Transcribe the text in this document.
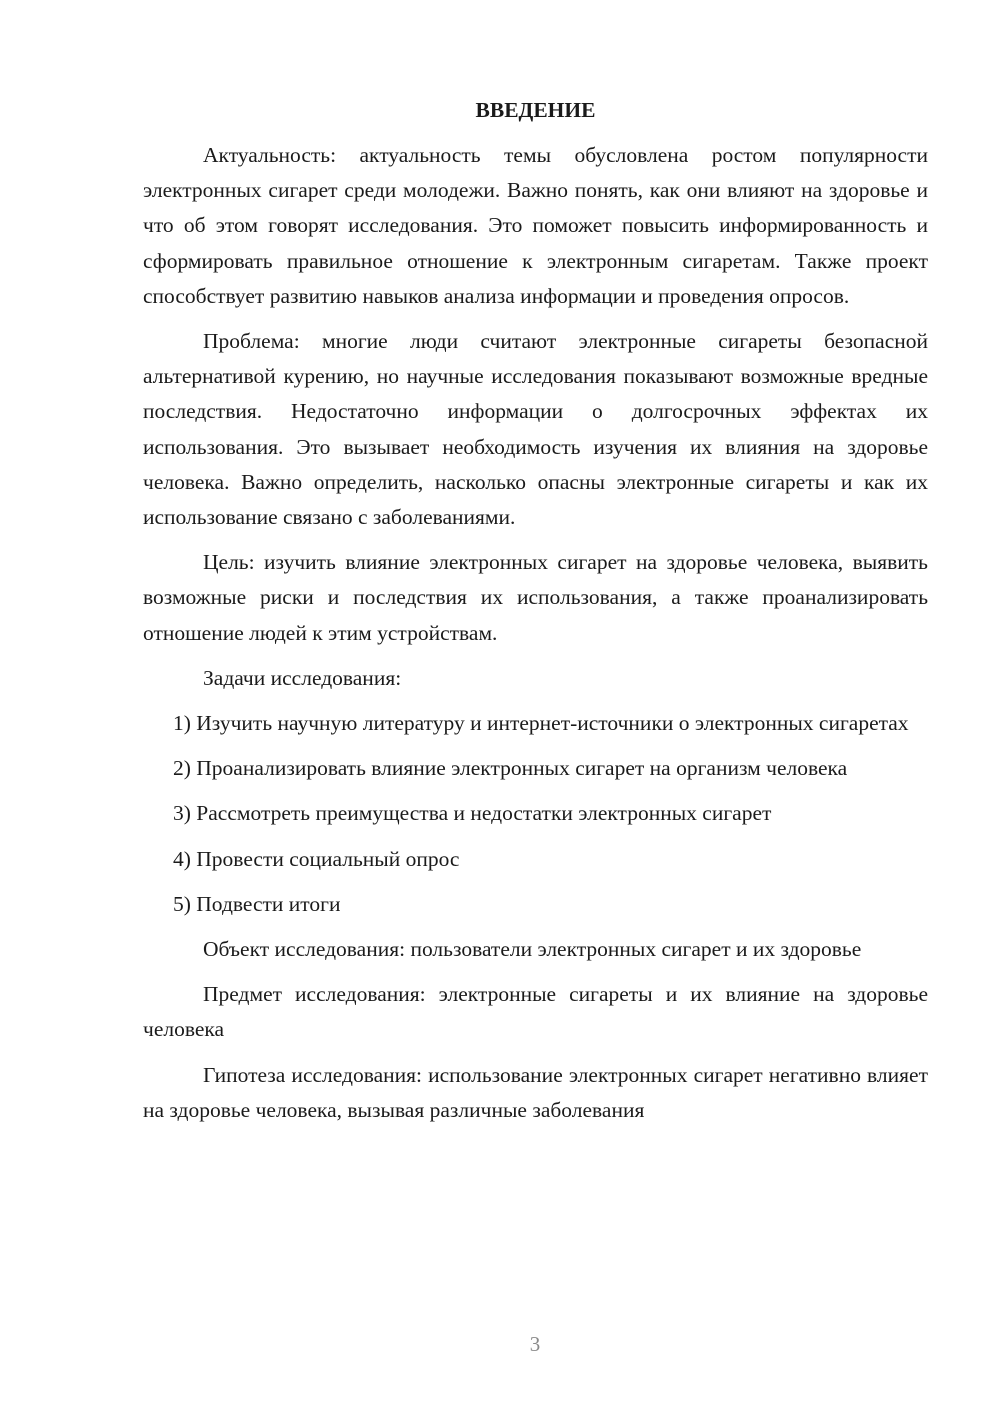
ВВЕДЕНИЕ

Актуальность: актуальность темы обусловлена ростом популярности электронных сигарет среди молодежи. Важно понять, как они влияют на здоровье и что об этом говорят исследования. Это поможет повысить информированность и сформировать правильное отношение к электронным сигаретам. Также проект способствует развитию навыков анализа информации и проведения опросов.

Проблема: многие люди считают электронные сигареты безопасной альтернативой курению, но научные исследования показывают возможные вредные последствия. Недостаточно информации о долгосрочных эффектах их использования. Это вызывает необходимость изучения их влияния на здоровье человека. Важно определить, насколько опасны электронные сигареты и как их использование связано с заболеваниями.

Цель: изучить влияние электронных сигарет на здоровье человека, выявить возможные риски и последствия их использования, а также проанализировать отношение людей к этим устройствам.

Задачи исследования:

1) Изучить научную литературу и интернет-источники о электронных сигаретах

2) Проанализировать влияние электронных сигарет на организм человека

3) Рассмотреть преимущества и недостатки электронных сигарет

4) Провести социальный опрос

5) Подвести итоги

Объект исследования: пользователи электронных сигарет и их здоровье

Предмет исследования: электронные сигареты и их влияние на здоровье человека

Гипотеза исследования: использование электронных сигарет негативно влияет на здоровье человека, вызывая различные заболевания

3
